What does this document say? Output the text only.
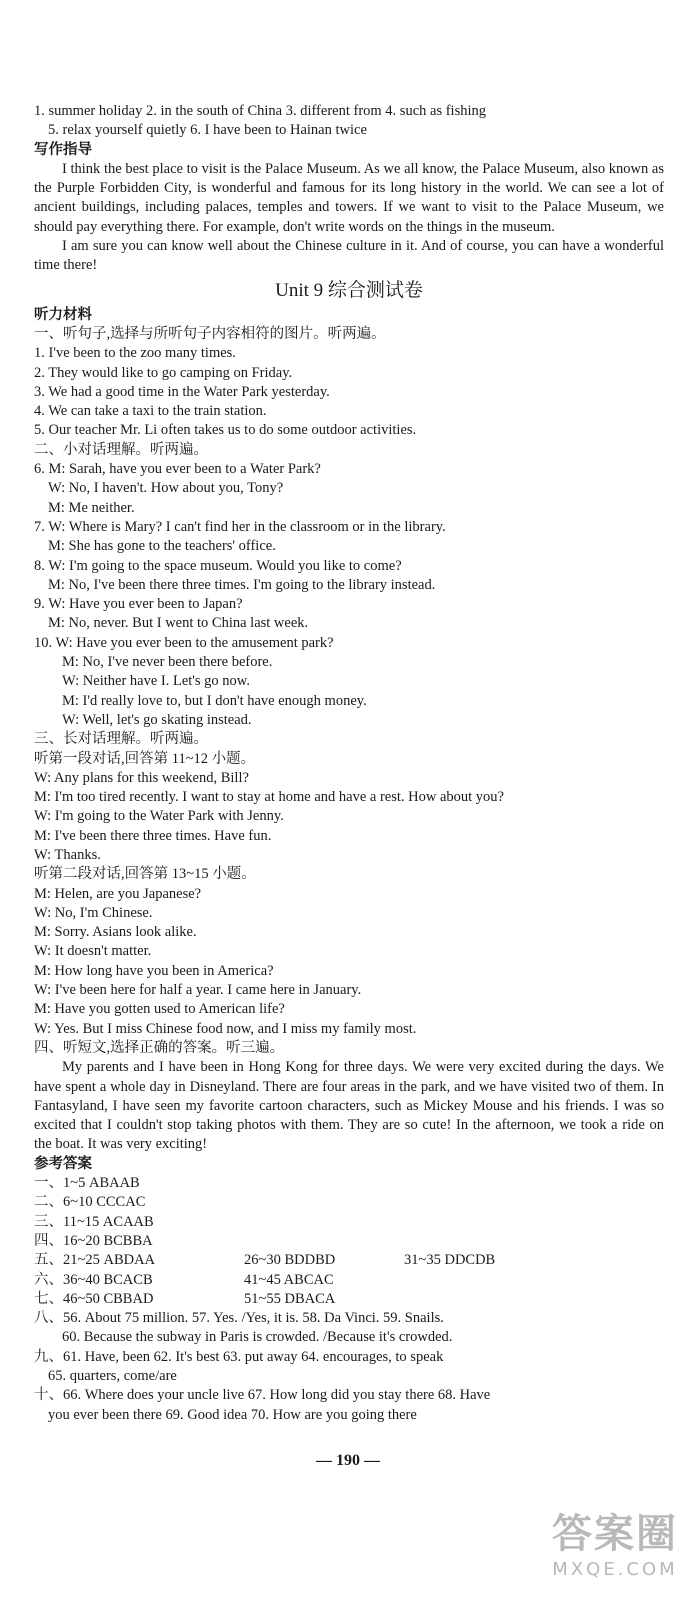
1. summer holiday 2. in the south of China 3. different from 4. such as fishing
5. relax yourself quietly 6. I have been to Hainan twice
写作指导

I think the best place to visit is the Palace Museum. As we all know, the Palace Museum, also known as the Purple Forbidden City, is wonderful and famous for its long history in the world. We can see a lot of ancient buildings, including palaces, temples and towers. If we want to visit to the Palace Museum, we should pay everything there. For example, don't write words on the things in the museum.

I am sure you can know well about the Chinese culture in it. And of course, you can have a wonderful time there!

Unit 9 综合测试卷
听力材料
一、听句子,选择与所听句子内容相符的图片。听两遍。
1. I've been to the zoo many times.
2. They would like to go camping on Friday.
3. We had a good time in the Water Park yesterday.
4. We can take a taxi to the train station.
5. Our teacher Mr. Li often takes us to do some outdoor activities.
二、小对话理解。听两遍。
6. M: Sarah, have you ever been to a Water Park?
W: No, I haven't. How about you, Tony?
M: Me neither.
7. W: Where is Mary? I can't find her in the classroom or in the library.
M: She has gone to the teachers' office.
8. W: I'm going to the space museum. Would you like to come?
M: No, I've been there three times. I'm going to the library instead.
9. W: Have you ever been to Japan?
M: No, never. But I went to China last week.
10. W: Have you ever been to the amusement park?
M: No, I've never been there before.
W: Neither have I. Let's go now.
M: I'd really love to, but I don't have enough money.
W: Well, let's go skating instead.
三、长对话理解。听两遍。
听第一段对话,回答第 11~12 小题。
W: Any plans for this weekend, Bill?
M: I'm too tired recently. I want to stay at home and have a rest. How about you?
W: I'm going to the Water Park with Jenny.
M: I've been there three times. Have fun.
W: Thanks.
听第二段对话,回答第 13~15 小题。
M: Helen, are you Japanese?
W: No, I'm Chinese.
M: Sorry. Asians look alike.
W: It doesn't matter.
M: How long have you been in America?
W: I've been here for half a year. I came here in January.
M: Have you gotten used to American life?
W: Yes. But I miss Chinese food now, and I miss my family most.
四、听短文,选择正确的答案。听三遍。

My parents and I have been in Hong Kong for three days. We were very excited during the days. We have spent a whole day in Disneyland. There are four areas in the park, and we have visited two of them. In Fantasyland, I have seen my favorite cartoon characters, such as Mickey Mouse and his friends. I was so excited that I couldn't stop taking photos with them. They are so cute! In the afternoon, we took a ride on the boat. It was very exciting!

参考答案
一、1~5 ABAAB
二、6~10 CCCAC
三、11~15 ACAAB
四、16~20 BCBBA
五、21~25 ABDAA	26~30 BDDBD	31~35 DDCDB
六、36~40 BCACB	41~45 ABCAC
七、46~50 CBBAD	51~55 DBACA
八、56. About 75 million. 57. Yes. /Yes, it is. 58. Da Vinci. 59. Snails.
60. Because the subway in Paris is crowded. /Because it's crowded.
九、61. Have, been 62. It's best 63. put away 64. encourages, to speak
65. quarters, come/are
十、66. Where does your uncle live 67. How long did you stay there 68. Have
you ever been there 69. Good idea 70. How are you going there
— 190 —
答案圈
MXQE.COM
